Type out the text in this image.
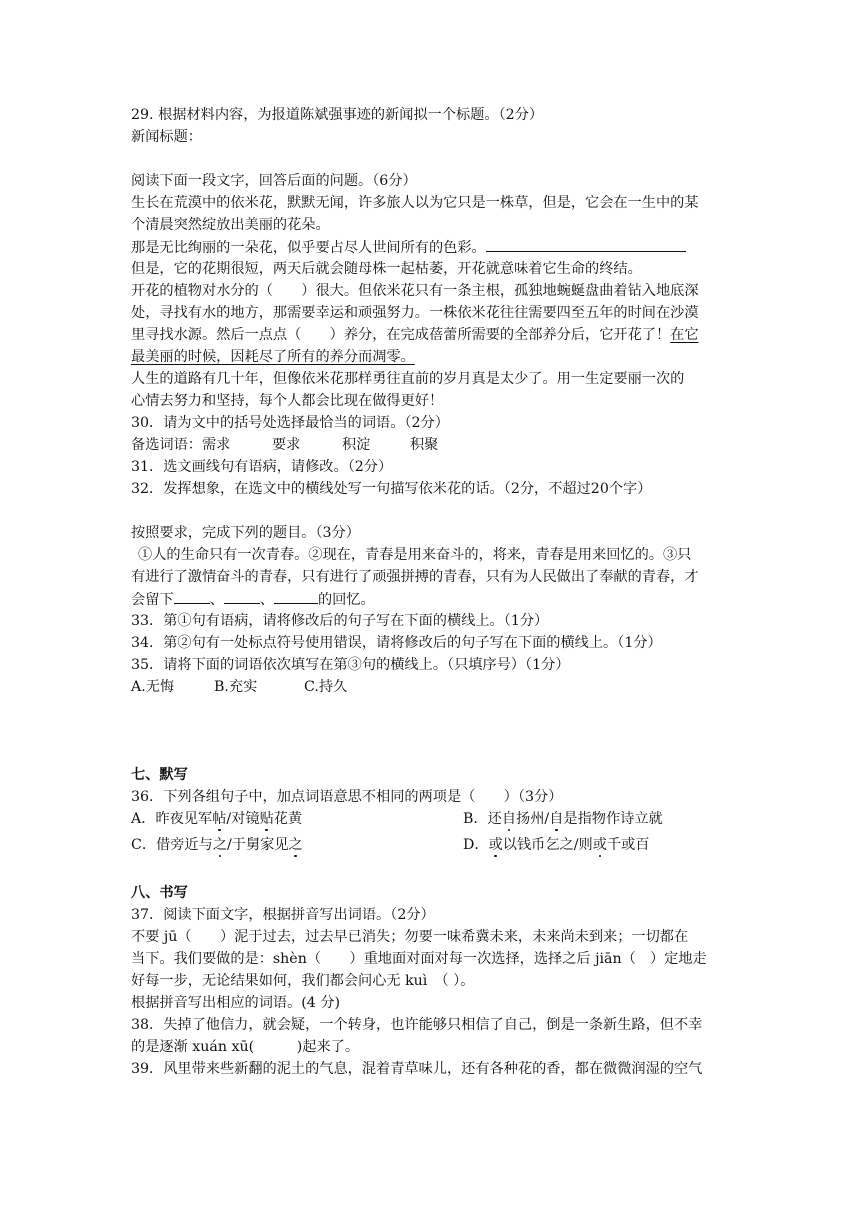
29. 根据材料内容，为报道陈斌强事迹的新闻拟一个标题。（2分）
新闻标题：
阅读下面一段文字，回答后面的问题。（6分）
生长在荒漠中的依米花，默默无闻，许多旅人以为它只是一株草，但是，它会在一生中的某
个清晨突然绽放出美丽的花朵。
那是无比绚丽的一朵花，似乎要占尽人世间所有的色彩。
但是，它的花期很短，两天后就会随母株一起枯萎，开花就意味着它生命的终结。
开花的植物对水分的（　　）很大。但依米花只有一条主根，孤独地蜿蜒盘曲着钻入地底深
处，寻找有水的地方，那需要幸运和顽强努力。一株依米花往往需要四至五年的时间在沙漠
里寻找水源。然后一点点（　　）养分，在完成蓓蕾所需要的全部养分后，它开花了！在它
最美丽的时候，因耗尽了所有的养分而凋零。
人生的道路有几十年，但像依米花那样勇往直前的岁月真是太少了。用一生定要丽一次的
心情去努力和坚持，每个人都会比现在做得更好！
30．请为文中的括号处选择最恰当的词语。（2分）
备选词语：需求	要求	积淀	积聚
31．选文画线句有语病，请修改。（2分）
32．发挥想象，在选文中的横线处写一句描写依米花的话。（2分，不超过20个字）
按照要求，完成下列的题目。（3分）
①人的生命只有一次青春。②现在，青春是用来奋斗的，将来，青春是用来回忆的。③只
有进行了激情奋斗的青春，只有进行了顽强拼搏的青春，只有为人民做出了奉献的青春，才
会留下	、	、	的回忆。
33．第①句有语病，请将修改后的句子写在下面的横线上。（1分）
34．第②句有一处标点符号使用错误，请将修改后的句子写在下面的横线上。（1分）
35．请将下面的词语依次填写在第③句的横线上。（只填序号）（1分）
A.无悔	B.充实	C.持久
七、默写
36．下列各组句子中，加点词语意思不相同的两项是（　　）（3分）
A．昨夜见军帖/对镜贴花黄	B．还自扬州/自是指物作诗立就
C．借旁近与之/于舅家见之	D．或以钱币乞之/则或千或百
八、书写
37．阅读下面文字，根据拼音写出词语。（2分）
不要 jū（　　）泥于过去，过去早已消失；勿要一味希冀未来，未来尚未到来；一切都在
当下。我们要做的是：shèn（　　）重地面对面对每一次选择，选择之后 jiān（　）定地走
好每一步，无论结果如何，我们都会问心无 kuì　（ ）。
根据拼音写出相应的词语。(4 分)
38．失掉了他信力，就会疑，一个转身，也许能够只相信了自己，倒是一条新生路，但不幸
的是逐渐 xuán xū(　　　)起来了。
39．风里带来些新翻的泥土的气息，混着青草味儿，还有各种花的香，都在微微润湿的空气
